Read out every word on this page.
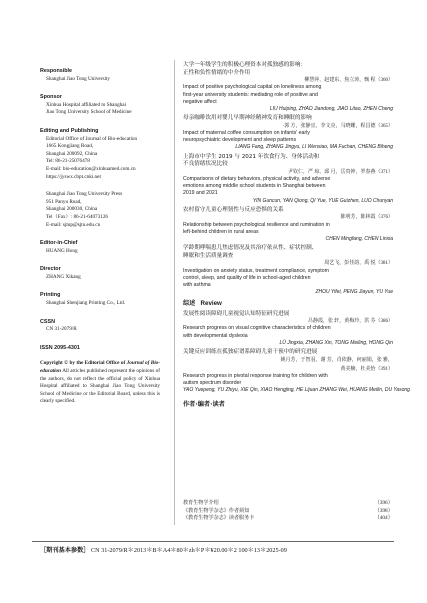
Responsible
Shanghai Jiao Tong University
Sponsor
Xinhua Hospital affiliated to Shanghai
Jiao Tong University School of Medicine
Editing and Publishing
Editorial Office of Journal of Bio-education
1665 Kongjiang Road,
Shanghai 200092, China
Tel: 86-21-25076478
E-mail: bio-education@xinhuamed.com.cn
https://jyswx.cbpt.cnki.net
Shanghai Jiao Tong University Press
951 Panyu Road,
Shanghai 200030, China
Tel（Fax）: 86-21-64073126
E-mail: sjtup@sjtu.edu.cn
Editor-in-Chief
HUANG Hong
Director
ZHANG Xikang
Printing
Shanghai Shenjiang Printing Co., Ltd.
CSSN
CN 31-2079/R
ISSN 2095-4301
Copyright © by the Editorial Office of Journal of Bio-education All articles published represent the opinions of the authors, do not reflect the official policy of Xinhua Hospital affiliated to Shanghai Jiao Tong University School of Medicine or the Editorial Board, unless this is clearly specified.
大学一年级学生的积极心理资本对孤独感的影响：
正性和负性情绪的中介作用
柳慧萍，赵建东，焦立涛，甄 程（360）
Impact of positive psychological capital on loneliness among
first-year university students: mediating role of positive and
negative affect
LIU Huiping, ZHAO Jiandong, JIAO Litao, ZHEN Cheng
母亲咖啡饮用对婴儿早期神经精神发育和睡眠的影响
·郭 方，张静宜，李文亮，马晓姗，程昌德（365）
Impact of maternal coffee consumption on infants' early
neuropsychiatric development and sleep patterns
LIANG Fang, ZHANG Jingyu, LI Wenxiao, MA Fuchan, CHENG Biheng
上海市中学生 2019 与 2021 年饮食行为、身体活动和
不良情绪状况比较
尹钦仁，严 琼，邱 月，岳贵钟，罗春燕（371）
Comparisons of dietary behaviors, physical activity, and adverse
emotions among middle school students in Shanghai between
2019 and 2021
YIN Guncun, YAN Qiong, QI Yue, YUE Guizhen, LUO Chunyan
农村留守儿童心理韧性与反应恐惧的关系
陈明芳，陈林霞（376）
Relationship between psychological resilience and rumination in
left-behind children in rural areas
CHEN Mingfang, CHEN Linxia
学龄期哮喘患儿焦虑情况及其治疗依从性、症状控制、
睡眠和生活质量调查
周艺飞，彭佳韵，禹 悦（381）
Investigation on anxiety status, treatment compliance, symptom
control, sleep, and quality of life in school-aged children
with asthma
ZHOU Yifei, PENG Jiayun, YU Yue
综述 Review
发展性阅读障碍儿童视觉认知特征研究进展
吕静霞，张 轩，黄梅玲，洪 芬（386）
Research progress on visual cognitive characteristics of children
with developmental dyslexia
LÜ Jingxia, ZHANG Xin, TONG Meiling, HONG Qin
关键反应训练在孤独症谱系障碍儿童干预中的研究进展
姚月芳，于智羽，谢 芳，肖依静，何丽娟，张 雅，
黄美楠，杜美怡（391）
Research progress in pivotal response training for children with
autism spectrum disorder
YAO Yuepeng, YU Zhiyu, XIE Qin, XIAO Hengjing, HE Lijuan ZHANG Wei, HUANG Meilin, DU Yasong
作者·编者·读者
教育生物学介绍	（396）
《教育生物学杂志》作者须知	（398）
《教育生物学杂志》读者服务卡	（404）
［期刊基本参数］ CN 31-2079/R＊2013＊B＊A4＊80＊zh＊P＊¥20.00＊2 100＊13＊2025-09
